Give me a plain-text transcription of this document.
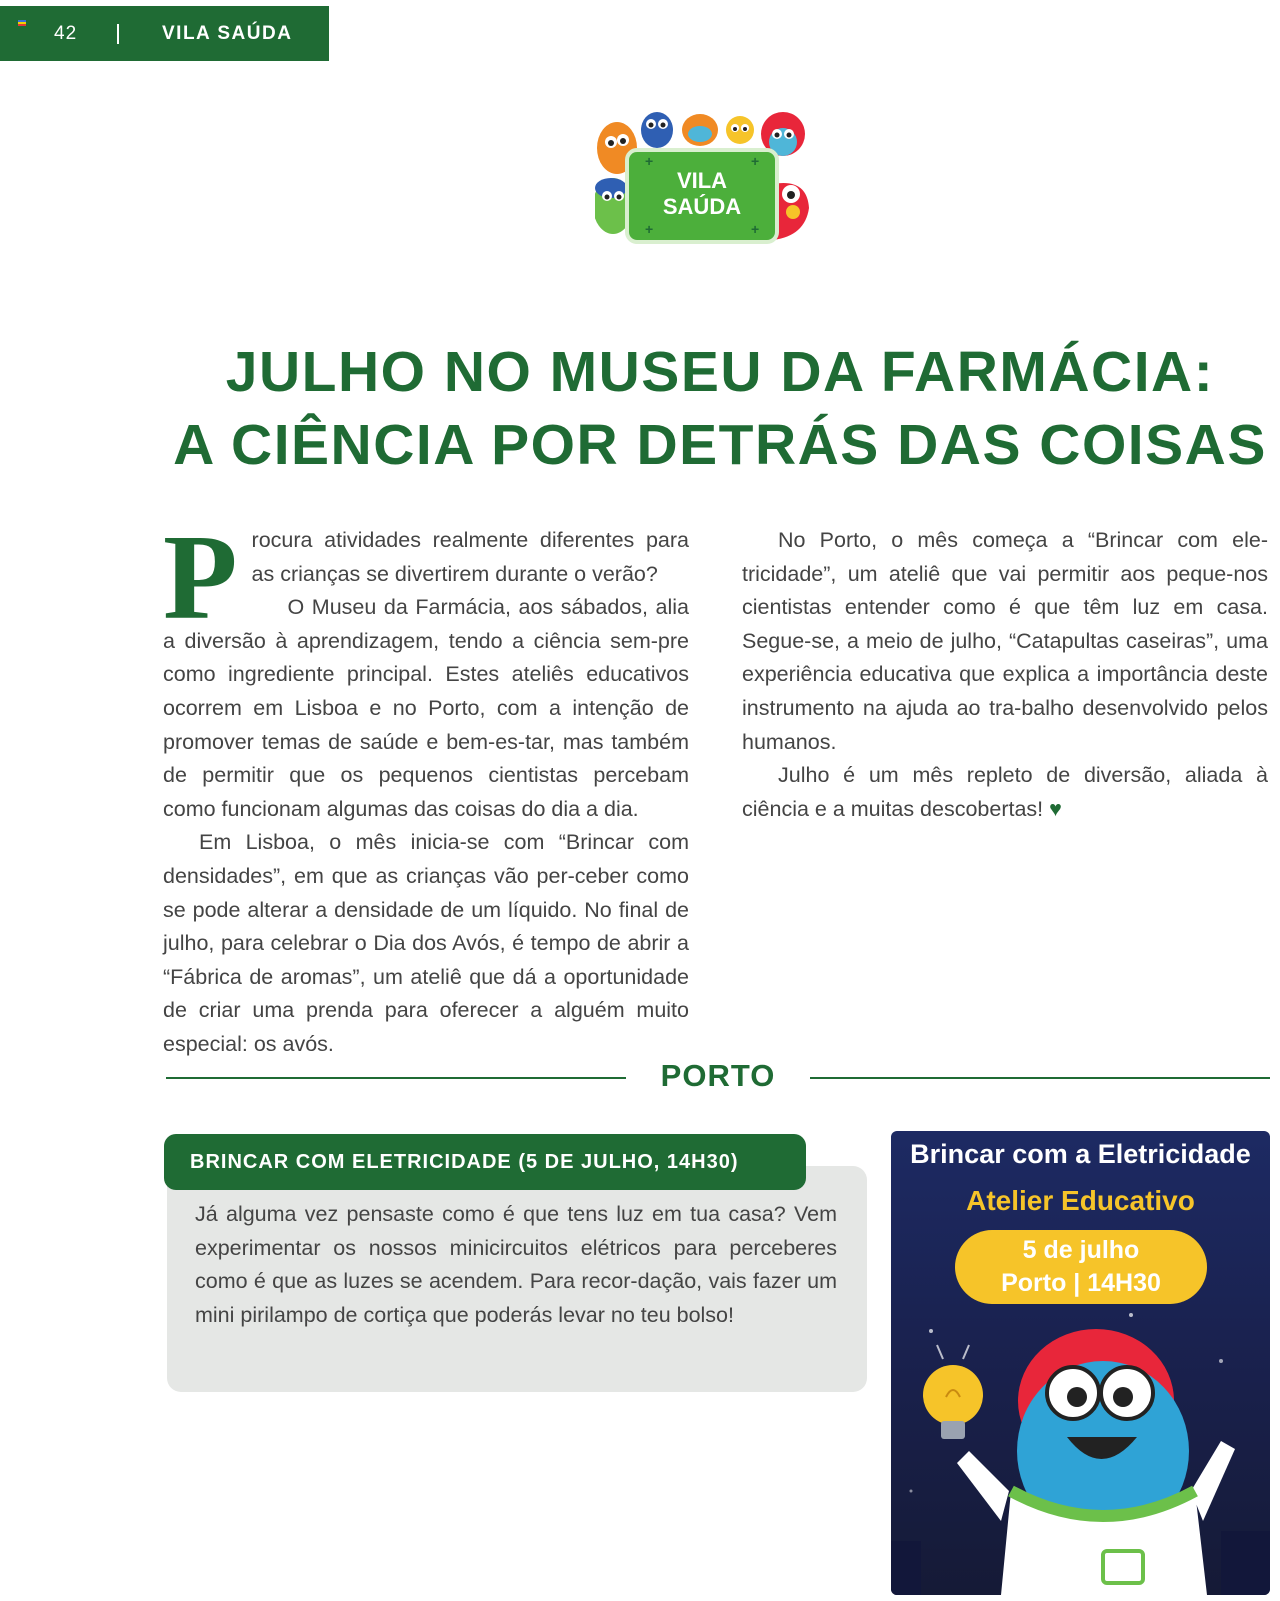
42	VILA SAÚDA
+	+
+	+
VILA
SAÚDA
JULHO NO MUSEU DA FARMÁCIA:
A CIÊNCIA POR DETRÁS DAS COISAS

Procura atividades realmente diferentes para as crianças se divertirem durante o verão?

O Museu da Farmácia, aos sábados, alia a diversão à aprendizagem, tendo a ciência sem-pre como ingrediente principal. Estes ateliês educativos ocorrem em Lisboa e no Porto, com a intenção de promover temas de saúde e bem-es-tar, mas também de permitir que os pequenos cientistas percebam como funcionam algumas das coisas do dia a dia.

Em Lisboa, o mês inicia-se com “Brincar com densidades”, em que as crianças vão per-ceber como se pode alterar a densidade de um líquido. No final de julho, para celebrar o Dia dos Avós, é tempo de abrir a “Fábrica de aromas”, um ateliê que dá a oportunidade de criar uma prenda para oferecer a alguém muito especial: os avós.

No Porto, o mês começa a “Brincar com ele-tricidade”, um ateliê que vai permitir aos peque-nos cientistas entender como é que têm luz em casa. Segue-se, a meio de julho, “Catapultas caseiras”, uma experiência educativa que explica a importância deste instrumento na ajuda ao tra-balho desenvolvido pelos humanos.

Julho é um mês repleto de diversão, aliada à ciência e a muitas descobertas! ♥

PORTO
BRINCAR COM ELETRICIDADE (5 DE JULHO, 14H30)

Já alguma vez pensaste como é que tens luz em tua casa? Vem experimentar os nossos minicircuitos elétricos para perceberes como é que as luzes se acendem. Para recor-dação, vais fazer um mini pirilampo de cortiça que poderás levar no teu bolso!

Brincar com a Eletricidade
Atelier Educativo
5 de julho
Porto | 14H30
